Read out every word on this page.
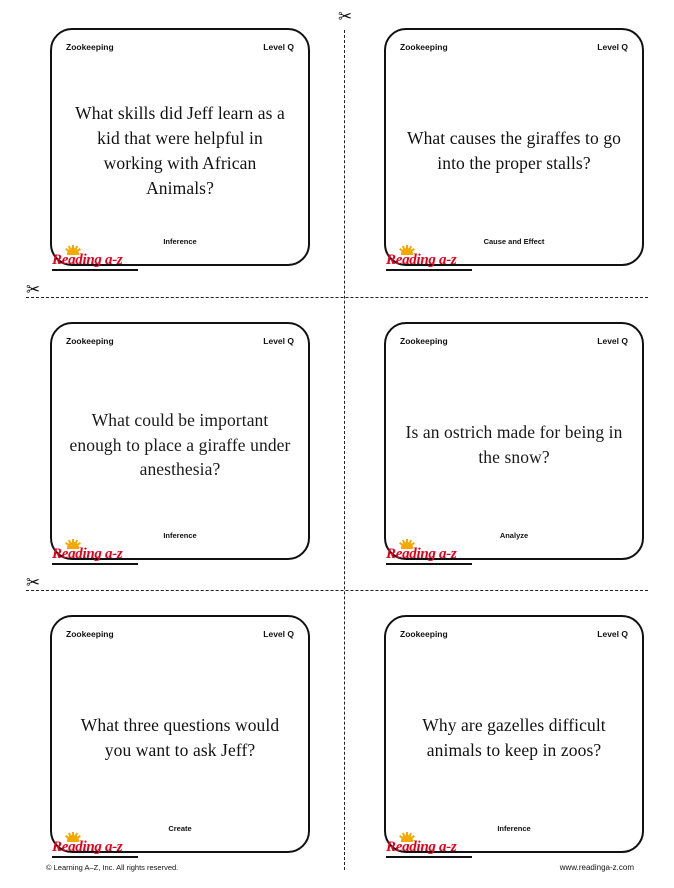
✂
✂
✂
Zookeeping	Level Q
What skills did Jeff learn as a kid that were helpful in working with African Animals?
Inference
Reading a-z
Zookeeping	Level Q
What causes the giraffes to go into the proper stalls?
Cause and Effect
Reading a-z
Zookeeping	Level Q
What could be important enough to place a giraffe under anesthesia?
Inference
Reading a-z
Zookeeping	Level Q
Is an ostrich made for being in the snow?
Analyze
Reading a-z
Zookeeping	Level Q
What three questions would you want to ask Jeff?
Create
Reading a-z
Zookeeping	Level Q
Why are gazelles difficult animals to keep in zoos?
Inference
Reading a-z
© Learning A–Z, Inc. All rights reserved.	www.readinga-z.com
